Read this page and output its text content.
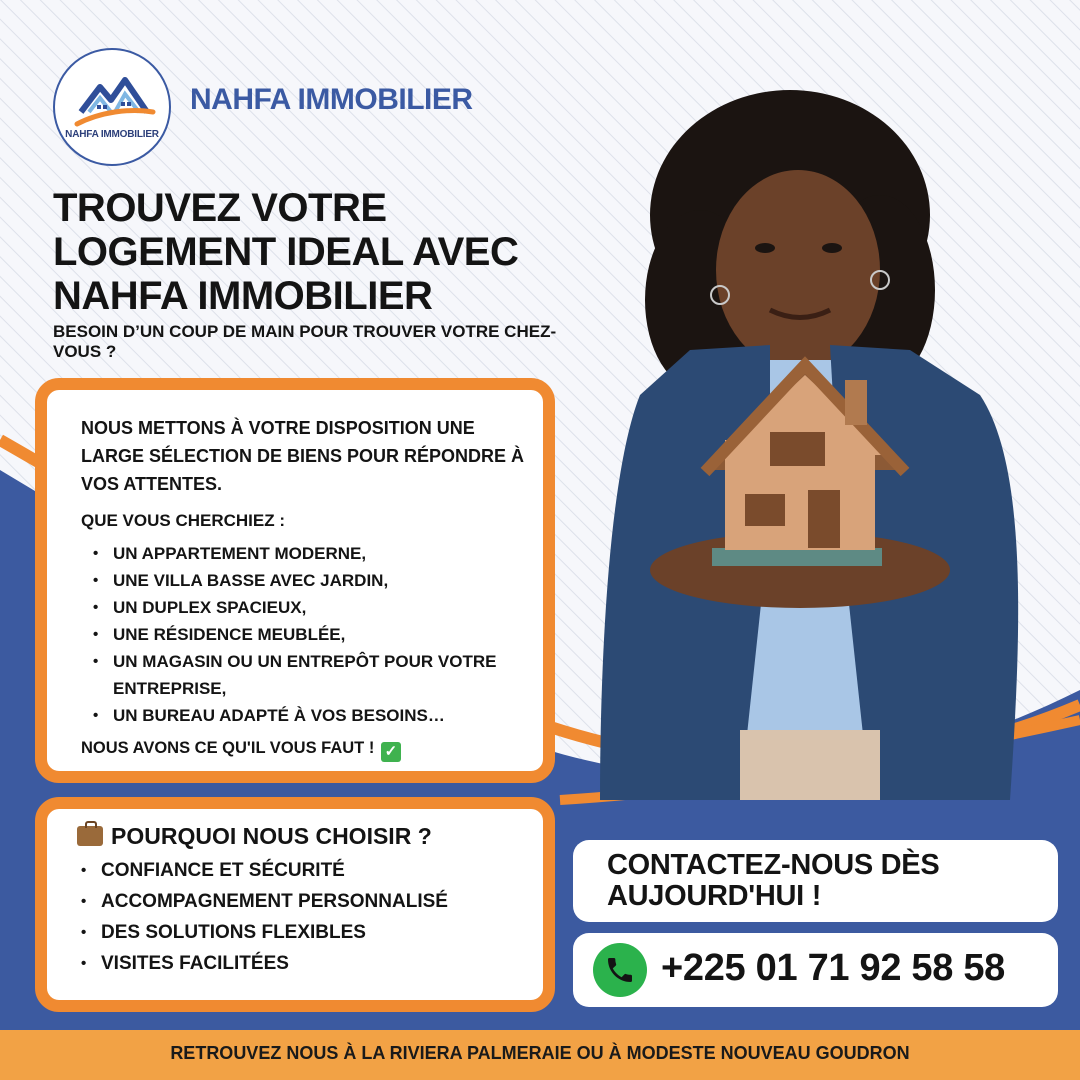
NAHFA IMMOBILIER
NAHFA IMMOBILIER
TROUVEZ VOTRE
LOGEMENT IDEAL AVEC
NAHFA IMMOBILIER
BESOIN D’UN COUP DE MAIN POUR TROUVER VOTRE CHEZ-VOUS ?

NOUS METTONS À VOTRE DISPOSITION UNE LARGE SÉLECTION DE BIENS POUR RÉPONDRE À VOS ATTENTES.

QUE VOUS CHERCHIEZ :

• UN APPARTEMENT MODERNE,
• UNE VILLA BASSE AVEC JARDIN,
• UN DUPLEX SPACIEUX,
• UNE RÉSIDENCE MEUBLÉE,
• UN MAGASIN OU UN ENTREPÔT POUR VOTRE ENTREPRISE,
• UN BUREAU ADAPTÉ À VOS BESOINS…

NOUS AVONS CE QU'IL VOUS FAUT ! ✓

POURQUOI NOUS CHOISIR ?

• CONFIANCE ET SÉCURITÉ
• ACCOMPAGNEMENT PERSONNALISÉ
• DES SOLUTIONS FLEXIBLES
• VISITES FACILITÉES
CONTACTEZ-NOUS DÈS
AUJOURD'HUI !
+225 01 71 92 58 58
RETROUVEZ NOUS À LA RIVIERA PALMERAIE OU À MODESTE NOUVEAU GOUDRON
